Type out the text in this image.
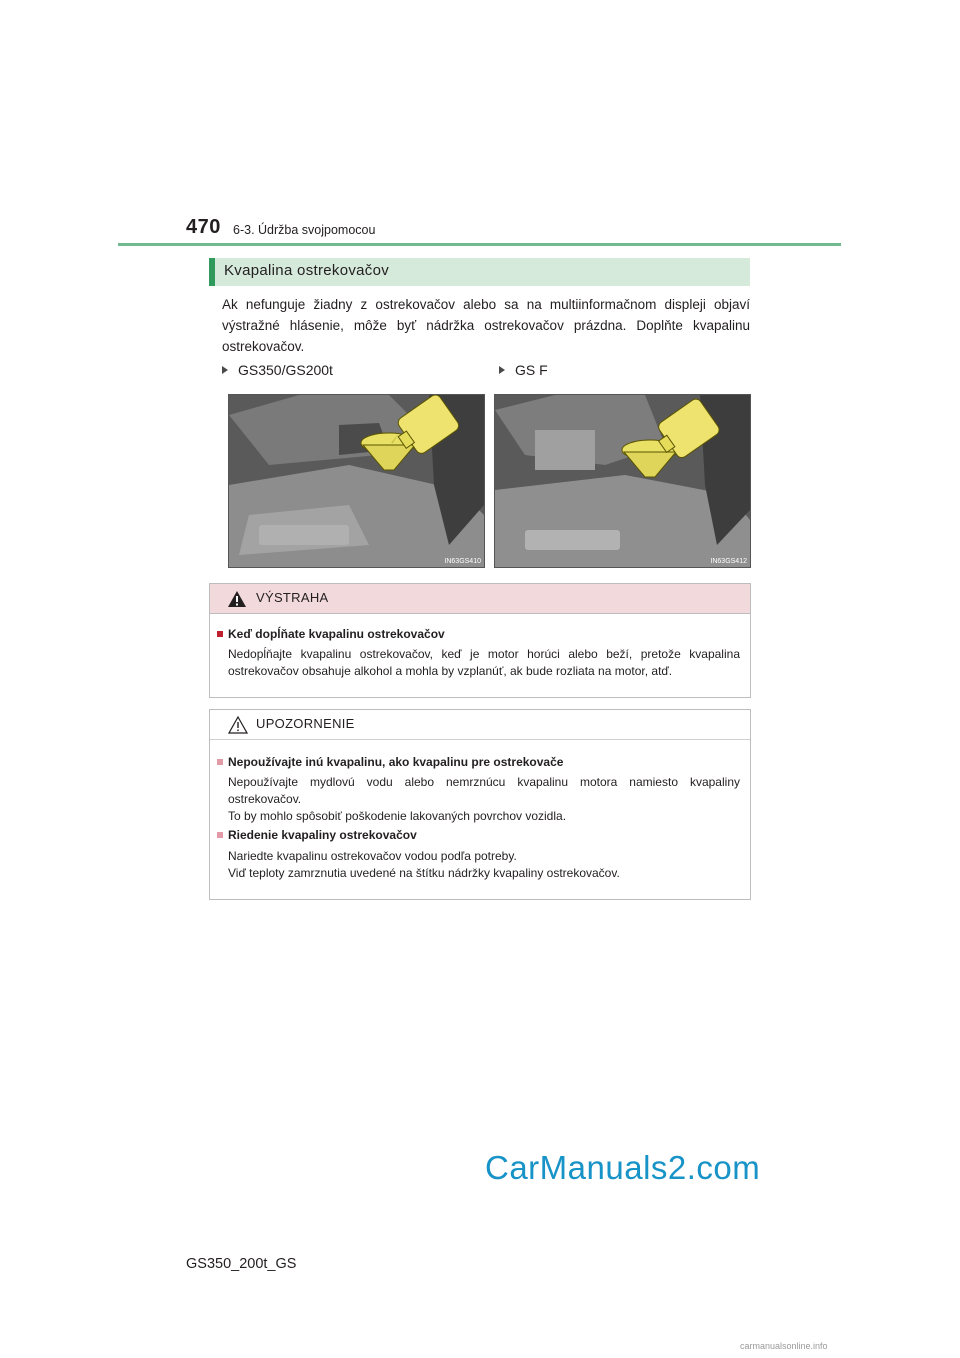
470 6-3. Údržba svojpomocou
Kvapalina ostrekovačov
Ak nefunguje žiadny z ostrekovačov alebo sa na multiinformačnom displeji objaví výstražné hlásenie, môže byť nádržka ostrekovačov prázdna. Doplňte kvapalinu ostrekovačov.
GS350/GS200t	GS F
IN63GS410	IN63GS412
VÝSTRAHA
Keď dopĺňate kvapalinu ostrekovačov
Nedopĺňajte kvapalinu ostrekovačov, keď je motor horúci alebo beží, pretože kvapalina ostrekovačov obsahuje alkohol a mohla by vzplanúť, ak bude rozliata na motor, atď.
UPOZORNENIE
Nepoužívajte inú kvapalinu, ako kvapalinu pre ostrekovače
Nepoužívajte mydlovú vodu alebo nemrznúcu kvapalinu motora namiesto kvapaliny ostrekovačov.
To by mohlo spôsobiť poškodenie lakovaných povrchov vozidla.
Riedenie kvapaliny ostrekovačov
Nariedte kvapalinu ostrekovačov vodou podľa potreby.
Viď teploty zamrznutia uvedené na štítku nádržky kvapaliny ostrekovačov.
CarManuals2.com
GS350_200t_GS
carmanualsonline.info
